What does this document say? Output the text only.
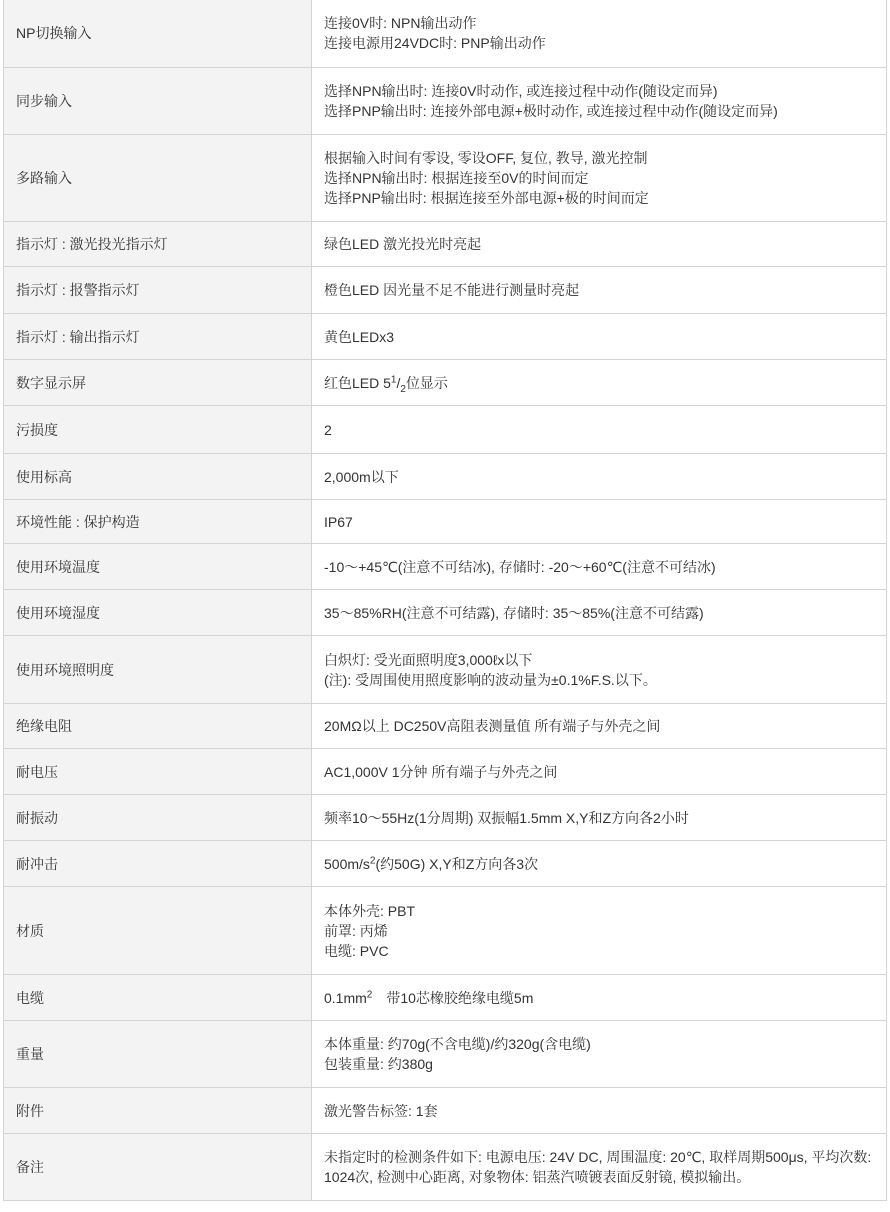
NP切换输入	连接0V时: NPN输出动作
连接电源用24VDC时: PNP输出动作

同步输入	选择NPN输出时: 连接0V时动作, 或连接过程中动作(随设定而异)
选择PNP输出时: 连接外部电源+极时动作, 或连接过程中动作(随设定而异)

多路输入	根据输入时间有零设, 零设OFF, 复位, 教导, 激光控制
选择NPN输出时: 根据连接至0V的时间而定
选择PNP输出时: 根据连接至外部电源+极的时间而定

指示灯 : 激光投光指示灯	绿色LED 激光投光时亮起

指示灯 : 报警指示灯	橙色LED 因光量不足不能进行测量时亮起

指示灯 : 输出指示灯	黄色LEDx3

数字显示屏	红色LED $5^1/_2$位显示
污损度	2

使用标高	2,000m以下

环境性能 : 保护构造	IP67

使用环境温度	-10～+45℃(注意不可结冰), 存储时: -20～+60℃(注意不可结冰)

使用环境湿度	35～85%RH(注意不可结露), 存储时: 35～85%(注意不可结露)

使用环境照明度	白炽灯: 受光面照明度3,000ℓx以下
(注): 受周围使用照度影响的波动量为±0.1%F.S.以下。

绝缘电阻	20MΩ以上 DC250V高阻表测量值 所有端子与外壳之间

耐电压	AC1,000V 1分钟 所有端子与外壳之间

耐振动	频率10～55Hz(1分周期) 双振幅1.5mm X,Y和Z方向各2小时

耐冲击	$500m/s^2$(约50G) X,Y和Z方向各3次
材质	本体外壳: PBT
前罩: 丙烯
电缆: PVC

电缆	$0.1mm^2$　带10芯橡胶绝缘电缆5m
重量	本体重量: 约70g(不含电缆)/约320g(含电缆)
包装重量: 约380g

附件	激光警告标签: 1套

备注	未指定时的检测条件如下: 电源电压: 24V DC, 周围温度: 20℃, 取样周期500μs, 平均次数: 1024次, 检测中心距离, 对象物体: 铝蒸汽喷镀表面反射镜, 模拟输出。
